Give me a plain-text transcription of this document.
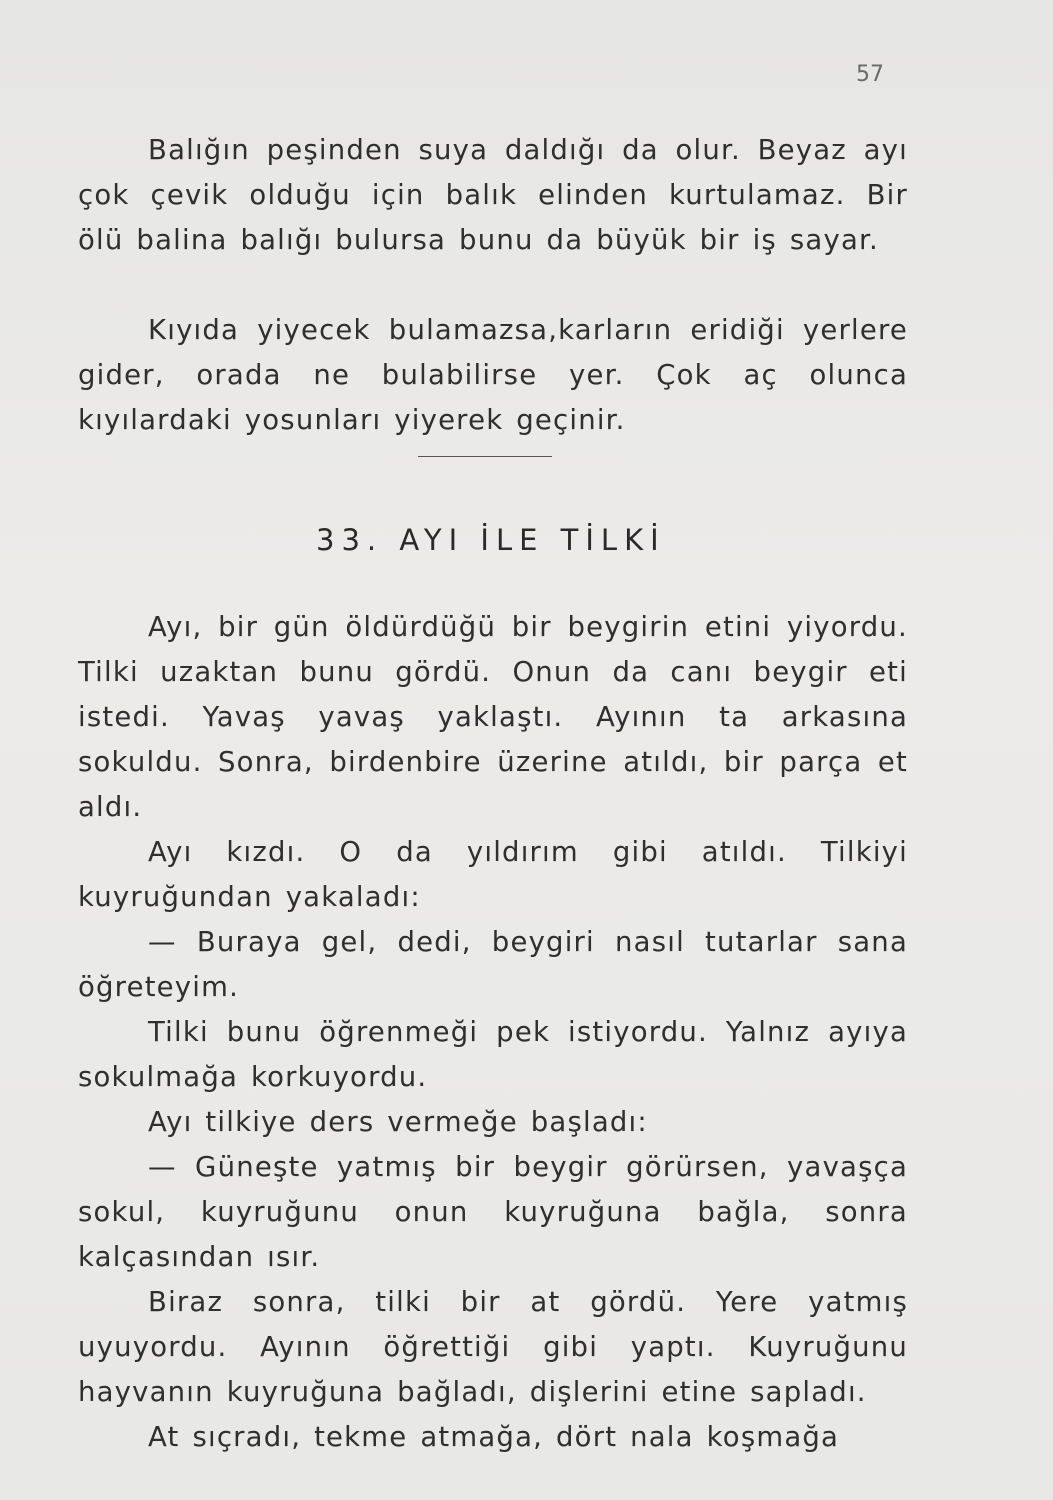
57

Balığın peşinden suya daldığı da olur. Beyaz ayı çok çevik olduğu için balık elinden kurtulamaz. Bir ölü balina balığı bulursa bunu da büyük bir iş sayar.

Kıyıda yiyecek bulamazsa,karların eridiği yerlere gider, orada ne bulabilirse yer. Çok aç olunca kıyılardaki yosunları yiyerek geçinir.

33. AYI İLE TİLKİ

Ayı, bir gün öldürdüğü bir beygirin etini yiyordu. Tilki uzaktan bunu gördü. Onun da canı beygir eti istedi. Yavaş yavaş yaklaştı. Ayının ta arkasına sokuldu. Sonra, birdenbire üzerine atıldı, bir parça et aldı.

Ayı kızdı. O da yıldırım gibi atıldı. Tilkiyi kuyruğundan yakaladı:

— Buraya gel, dedi, beygiri nasıl tutarlar sana öğreteyim.

Tilki bunu öğrenmeği pek istiyordu. Yalnız ayıya sokulmağa korkuyordu.

Ayı tilkiye ders vermeğe başladı:

— Güneşte yatmış bir beygir görürsen, yavaşça sokul, kuyruğunu onun kuyruğuna bağla, sonra kalçasından ısır.

Biraz sonra, tilki bir at gördü. Yere yatmış uyuyordu. Ayının öğrettiği gibi yaptı. Kuyruğunu hayvanın kuyruğuna bağladı, dişlerini etine sapladı.

At sıçradı, tekme atmağa, dört nala koşmağa
